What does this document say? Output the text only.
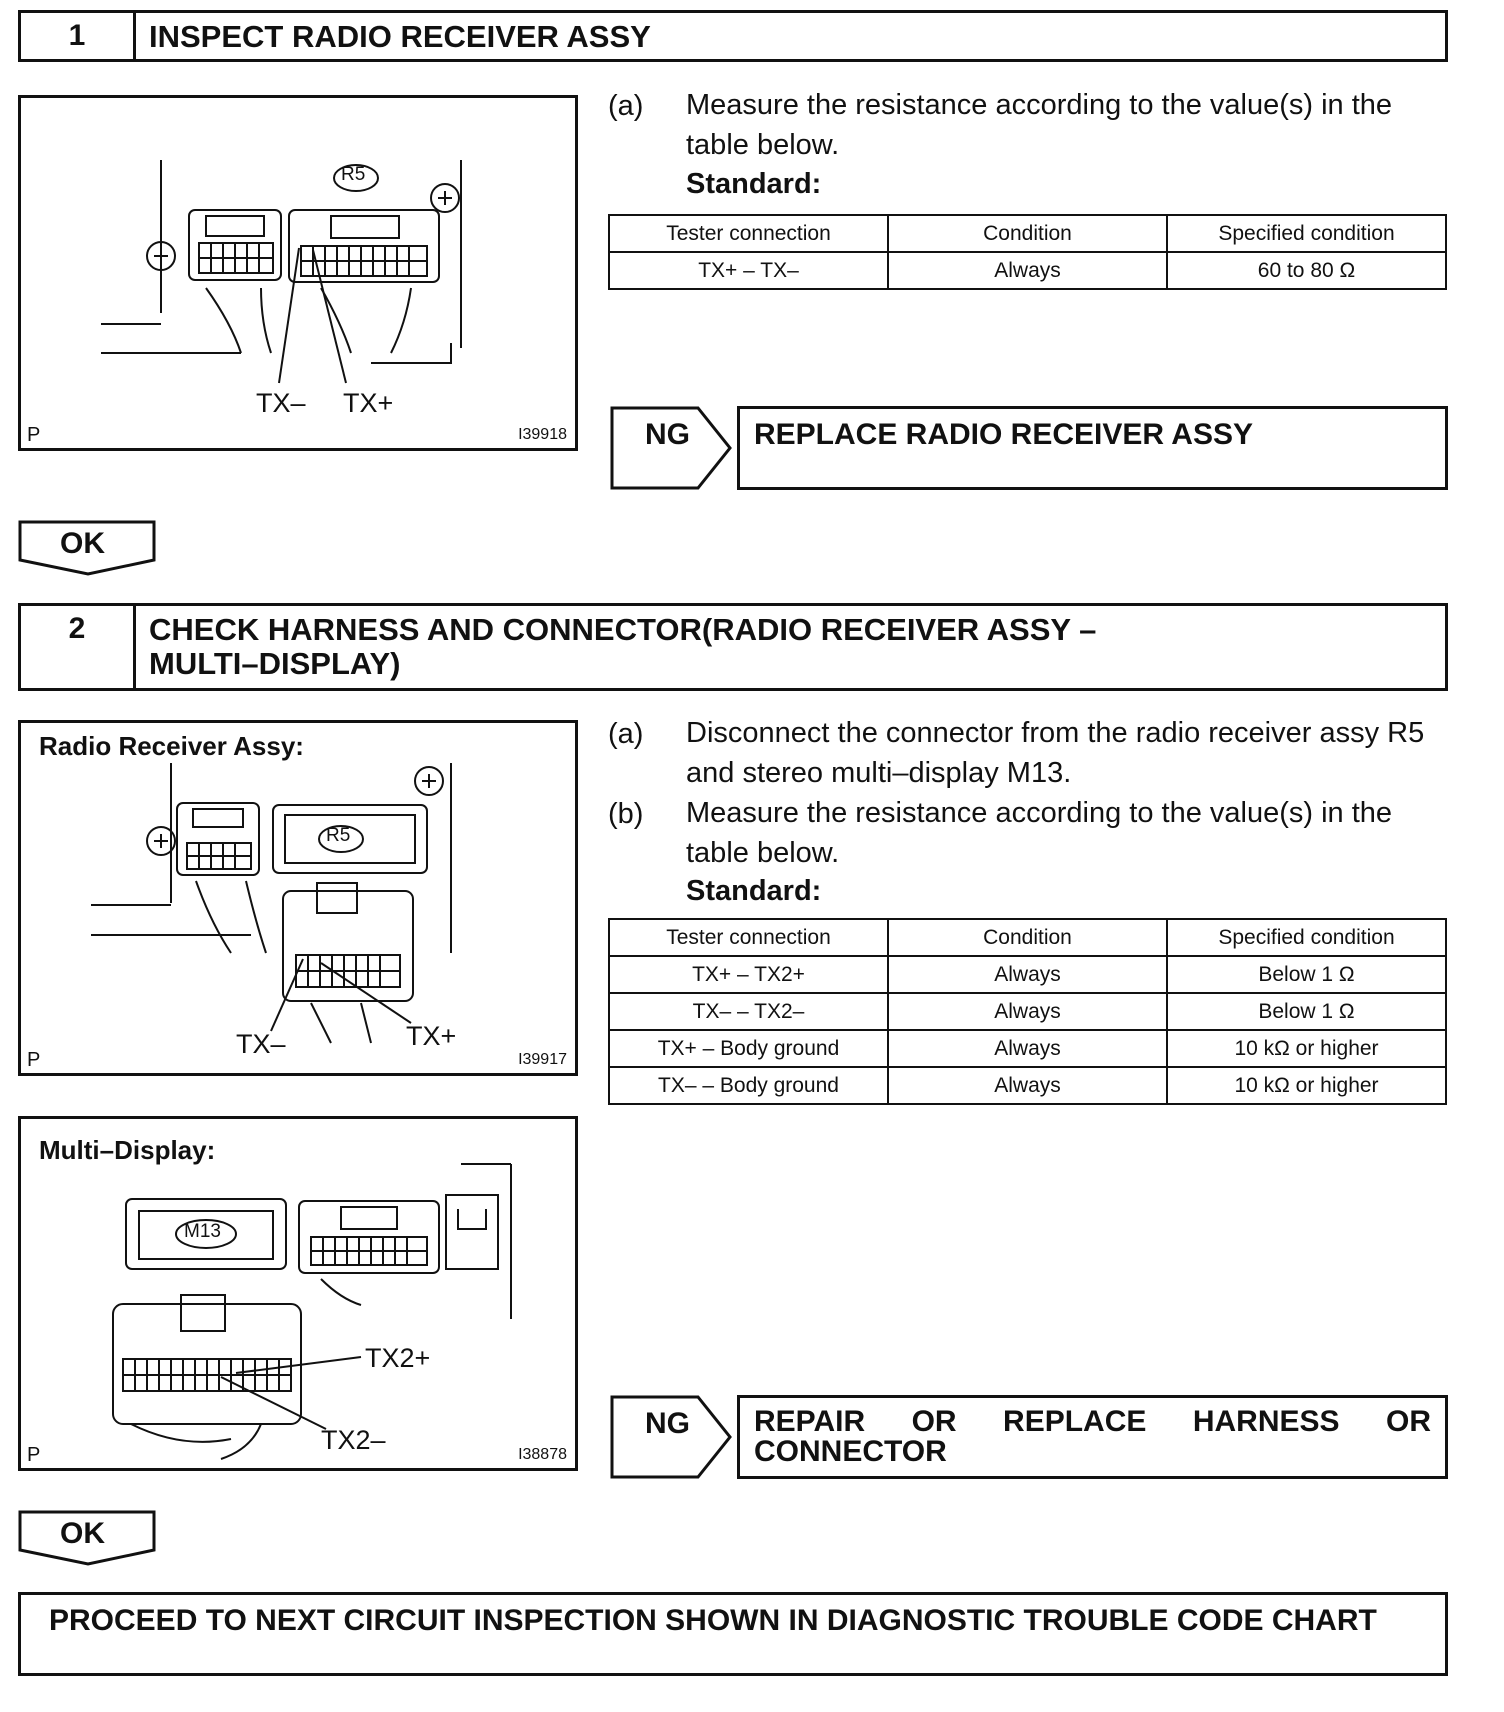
1	INSPECT RADIO RECEIVER ASSY
R5
TX– TX+
P	I39918
(a) Measure the resistance according to the value(s) in the
table below.
Standard:
Tester connection	Condition	Specified condition
TX+ – TX–	Always	60 to 80 Ω
NG REPLACE RADIO RECEIVER ASSY
OK
2	CHECK HARNESS AND CONNECTOR(RADIO RECEIVER ASSY –
MULTI–DISPLAY)
Radio Receiver Assy:
R5
TX–	TX+
P	I39917
Multi–Display:
M13
TX2+
TX2–
P	I38878
(a) Disconnect the connector from the radio receiver assy R5
and stereo multi–display M13.
(b) Measure the resistance according to the value(s) in the
table below.
Standard:
Tester connection	Condition	Specified condition
TX+ – TX2+	Always	Below 1 Ω
TX– – TX2–	Always	Below 1 Ω
TX+ – Body ground	Always	10 kΩ or higher
TX– – Body ground	Always	10 kΩ or higher
NG REPAIR OR REPLACE HARNESS OR
CONNECTOR
OK
PROCEED TO NEXT CIRCUIT INSPECTION SHOWN IN DIAGNOSTIC TROUBLE CODE CHART
